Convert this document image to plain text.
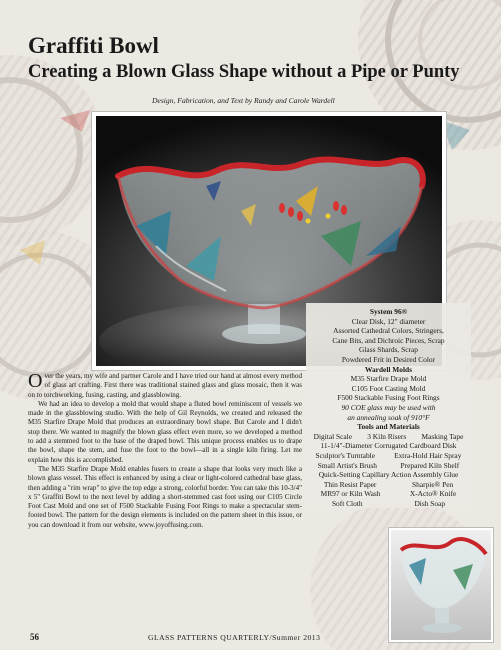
Graffiti Bowl
Creating a Blown Glass Shape without a Pipe or Punty

Design, Fabrication, and Text by Randy and Carole Wardell

System 96®
Clear Disk, 12" diameter
Assorted Cathedral Colors, Stringers,
Cane Bits, and Dichroic Pieces, Scrap
Glass Shards, Scrap
Powdered Frit in Desired Color
Wardell Molds
M35 Starfire Drape Mold
C105 Foot Casting Mold
F500 Stackable Fusing Foot Rings
90 COE glass may be used with
an annealing soak of 910°F
Tools and Materials
Digital Scale 3 Kiln Risers Masking Tape
11-1/4"-Diameter Corrugated Cardboard Disk
Sculptor's Turntable	Extra-Hold Hair Spray
Small Artist's Brush	Prepared Kiln Shelf
Quick-Setting Capillary Action Assembly Glue
Thin Resist Paper	Sharpie® Pen
MR97 or Kiln Wash	X-Acto® Knife
Soft Cloth	Dish Soap

Over the years, my wife and partner Carole and I have tried our hand at almost every method of glass art crafting. First there was traditional stained glass and glass mosaic, then it was on to torchworking, fusing, casting, and glassblowing.

We had an idea to develop a mold that would shape a fluted bowl reminiscent of vessels we made in the glassblowing studio. With the help of Gil Reynolds, we created and released the M35 Starfire Drape Mold that produces an extraordinary bowl shape. But Carole and I didn't stop there. We wanted to magnify the blown glass effect even more, so we developed a method to add a stemmed foot to the base of the draped bowl. This unique process enables us to drape the bowl, shape the stem, and fuse the foot to the bowl—all in a single kiln firing. Let me explain how this is accomplished.

The M35 Starfire Drape Mold enables fusers to create a shape that looks very much like a blown glass vessel. This effect is enhanced by using a clear or light-colored cathedral base glass, then adding a "rim wrap" to give the top edge a strong, colorful border. You can take this 10-3/4" x 5" Graffiti Bowl to the next level by adding a short-stemmed cast foot using our C105 Circle Foot Cast Mold and one set of F500 Stackable Fusing Foot Rings to make a spectacular stem-footed bowl. The pattern for the design elements is included on the pattern sheet in this issue, or you can download it from our website, www.joyoffusing.com.

56	GLASS PATTERNS QUARTERLY/Summer 2013
